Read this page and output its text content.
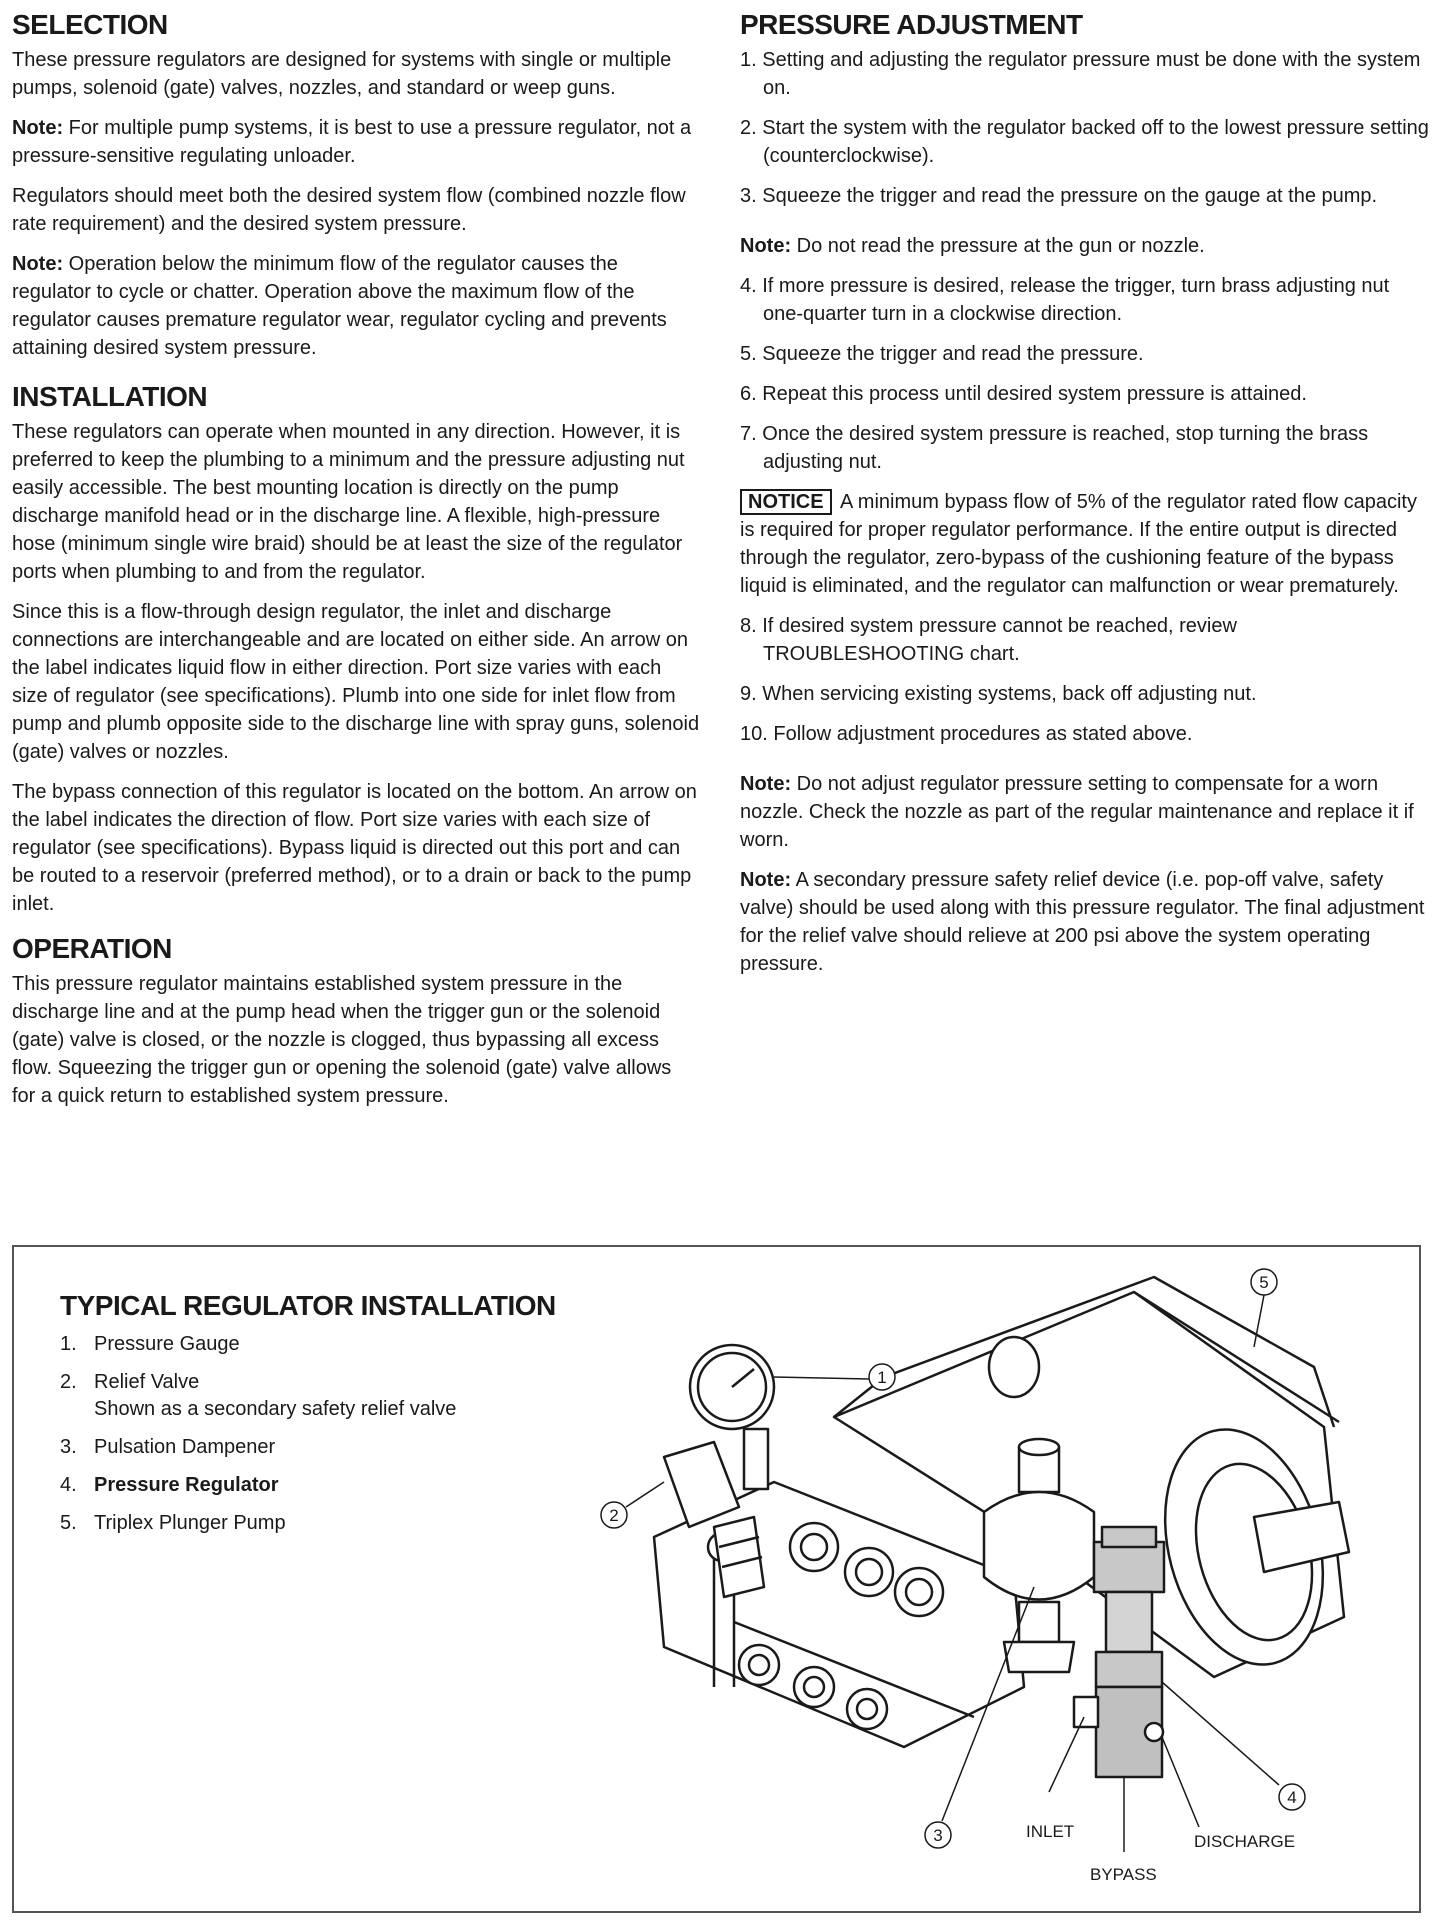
SELECTION

These pressure regulators are designed for systems with single or multiple pumps, solenoid (gate) valves, nozzles, and standard or weep guns.

Note: For multiple pump systems, it is best to use a pressure regulator, not a pressure-sensitive regulating unloader.

Regulators should meet both the desired system flow (combined nozzle flow rate requirement) and the desired system pressure.

Note: Operation below the minimum flow of the regulator causes the regulator to cycle or chatter. Operation above the maximum flow of the regulator causes premature regulator wear, regulator cycling and prevents attaining desired system pressure.

INSTALLATION

These regulators can operate when mounted in any direction. However, it is preferred to keep the plumbing to a minimum and the pressure adjusting nut easily accessible. The best mounting location is directly on the pump discharge manifold head or in the discharge line. A flexible, high-pressure hose (minimum single wire braid) should be at least the size of the regulator ports when plumbing to and from the regulator.

Since this is a flow-through design regulator, the inlet and discharge connections are interchangeable and are located on either side. An arrow on the label indicates liquid flow in either direction. Port size varies with each size of regulator (see specifications). Plumb into one side for inlet flow from pump and plumb opposite side to the discharge line with spray guns, solenoid (gate) valves or nozzles.

The bypass connection of this regulator is located on the bottom. An arrow on the label indicates the direction of flow. Port size varies with each size of regulator (see specifications). Bypass liquid is directed out this port and can be routed to a reservoir (preferred method), or to a drain or back to the pump inlet.

OPERATION

This pressure regulator maintains established system pressure in the discharge line and at the pump head when the trigger gun or the solenoid (gate) valve is closed, or the nozzle is clogged, thus bypassing all excess flow. Squeezing the trigger gun or opening the solenoid (gate) valve allows for a quick return to established system pressure.

PRESSURE ADJUSTMENT
1. Setting and adjusting the regulator pressure must be done with the system on.
2. Start the system with the regulator backed off to the lowest pressure setting (counterclockwise).
3. Squeeze the trigger and read the pressure on the gauge at the pump.

Note: Do not read the pressure at the gun or nozzle.

4. If more pressure is desired, release the trigger, turn brass adjusting nut one-quarter turn in a clockwise direction.
5. Squeeze the trigger and read the pressure.
6. Repeat this process until desired system pressure is attained.
7. Once the desired system pressure is reached, stop turning the brass adjusting nut.

NOTICE A minimum bypass flow of 5% of the regulator rated flow capacity is required for proper regulator performance. If the entire output is directed through the regulator, zero-bypass of the cushioning feature of the bypass liquid is eliminated, and the regulator can malfunction or wear prematurely.

8. If desired system pressure cannot be reached, review TROUBLESHOOTING chart.
9. When servicing existing systems, back off adjusting nut.
10. Follow adjustment procedures as stated above.

Note: Do not adjust regulator pressure setting to compensate for a worn nozzle. Check the nozzle as part of the regular maintenance and replace it if worn.

Note: A secondary pressure safety relief device (i.e. pop-off valve, safety valve) should be used along with this pressure regulator. The final adjustment for the relief valve should relieve at 200 psi above the system operating pressure.

TYPICAL REGULATOR INSTALLATION
1. Pressure Gauge
2. Relief Valve
Shown as a secondary safety relief valve
3. Pulsation Dampener
4. Pressure Regulator
5. Triplex Plunger Pump
1
2
3
4
5
INLET
DISCHARGE
BYPASS
